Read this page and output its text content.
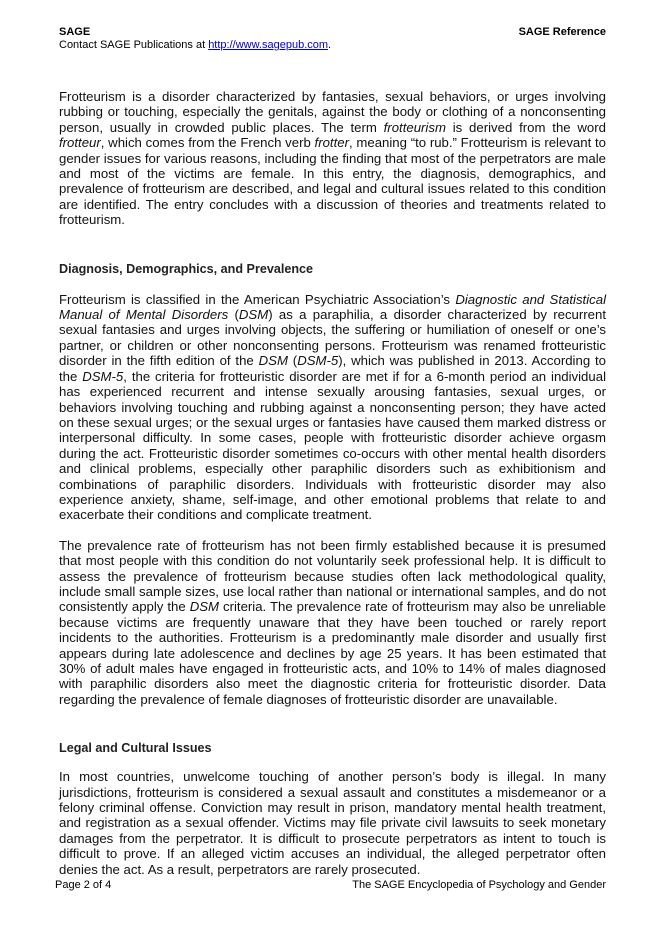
SAGE	SAGE Reference
Contact SAGE Publications at http://www.sagepub.com.

Frotteurism is a disorder characterized by fantasies, sexual behaviors, or urges involving rubbing or touching, especially the genitals, against the body or clothing of a nonconsenting person, usually in crowded public places. The term frotteurism is derived from the word frotteur, which comes from the French verb frotter, meaning “to rub.” Frotteurism is relevant to gender issues for various reasons, including the finding that most of the perpetrators are male and most of the victims are female. In this entry, the diagnosis, demographics, and prevalence of frotteurism are described, and legal and cultural issues related to this condition are identified. The entry concludes with a discussion of theories and treatments related to frotteurism.

Diagnosis, Demographics, and Prevalence

Frotteurism is classified in the American Psychiatric Association’s Diagnostic and Statistical Manual of Mental Disorders (DSM) as a paraphilia, a disorder characterized by recurrent sexual fantasies and urges involving objects, the suffering or humiliation of oneself or one’s partner, or children or other nonconsenting persons. Frotteurism was renamed frotteuristic disorder in the fifth edition of the DSM (DSM-5), which was published in 2013. According to the DSM-5, the criteria for frotteuristic disorder are met if for a 6-month period an individual has experienced recurrent and intense sexually arousing fantasies, sexual urges, or behaviors involving touching and rubbing against a nonconsenting person; they have acted on these sexual urges; or the sexual urges or fantasies have caused them marked distress or interpersonal difficulty. In some cases, people with frotteuristic disorder achieve orgasm during the act. Frotteuristic disorder sometimes co-occurs with other mental health disorders and clinical problems, especially other paraphilic disorders such as exhibitionism and combinations of paraphilic disorders. Individuals with frotteuristic disorder may also experience anxiety, shame, self-image, and other emotional problems that relate to and exacerbate their conditions and complicate treatment.

The prevalence rate of frotteurism has not been firmly established because it is presumed that most people with this condition do not voluntarily seek professional help. It is difficult to assess the prevalence of frotteurism because studies often lack methodological quality, include small sample sizes, use local rather than national or international samples, and do not consistently apply the DSM criteria. The prevalence rate of frotteurism may also be unreliable because victims are frequently unaware that they have been touched or rarely report incidents to the authorities. Frotteurism is a predominantly male disorder and usually first appears during late adolescence and declines by age 25 years. It has been estimated that 30% of adult males have engaged in frotteuristic acts, and 10% to 14% of males diagnosed with paraphilic disorders also meet the diagnostic criteria for frotteuristic disorder. Data regarding the prevalence of female diagnoses of frotteuristic disorder are unavailable.

Legal and Cultural Issues

In most countries, unwelcome touching of another person’s body is illegal. In many jurisdictions, frotteurism is considered a sexual assault and constitutes a misdemeanor or a felony criminal offense. Conviction may result in prison, mandatory mental health treatment, and registration as a sexual offender. Victims may file private civil lawsuits to seek monetary damages from the perpetrator. It is difficult to prosecute perpetrators as intent to touch is difficult to prove. If an alleged victim accuses an individual, the alleged perpetrator often denies the act. As a result, perpetrators are rarely prosecuted.

Page 2 of 4	The SAGE Encyclopedia of Psychology and Gender
